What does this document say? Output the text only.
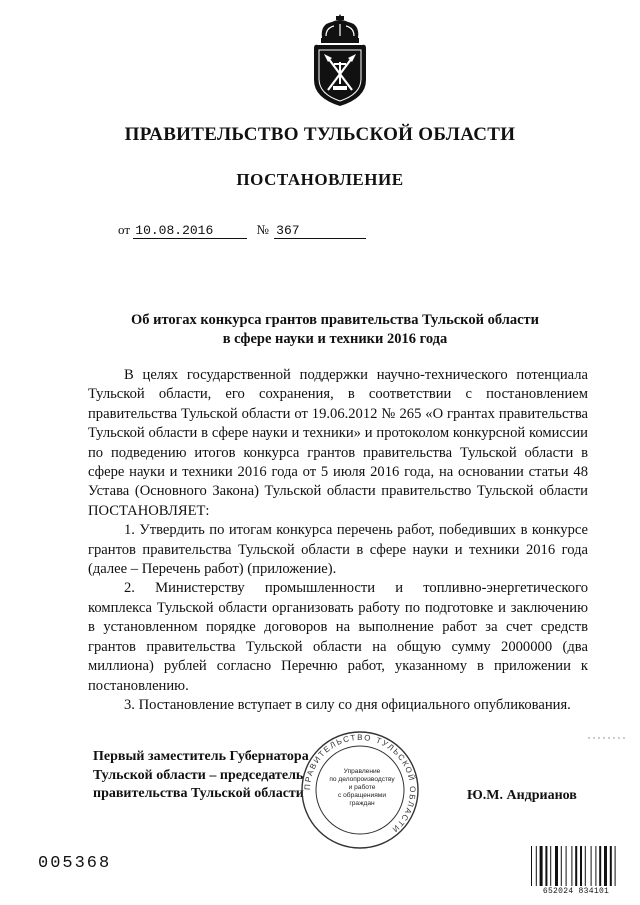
ПРАВИТЕЛЬСТВО ТУЛЬСКОЙ ОБЛАСТИ
ПОСТАНОВЛЕНИЕ
от 10.08.2016	№ 367
Об итогах конкурса грантов правительства Тульской области
в сфере науки и техники 2016 года

В целях государственной поддержки научно-технического потенциала Тульской области, его сохранения, в соответствии с постановлением правительства Тульской области от 19.06.2012 № 265 «О грантах правительства Тульской области в сфере науки и техники» и протоколом конкурсной комиссии по подведению итогов конкурса грантов правительства Тульской области в сфере науки и техники 2016 года от 5 июля 2016 года, на основании статьи 48 Устава (Основного Закона) Тульской области правительство Тульской области ПОСТАНОВЛЯЕТ:

1. Утвердить по итогам конкурса перечень работ, победивших в конкурсе грантов правительства Тульской области в сфере науки и техники 2016 года (далее – Перечень работ) (приложение).

2. Министерству промышленности и топливно-энергетического комплекса Тульской области организовать работу по подготовке и заключению в установленном порядке договоров на выполнение работ за счет средств грантов правительства Тульской области на общую сумму 2000000 (два миллиона) рублей согласно Перечню работ, указанному в приложении к постановлению.

3. Постановление вступает в силу со дня официального опубликования.

Первый заместитель Губернатора
Тульской области – председатель
правительства Тульской области ПРАВИТЕЛЬСТВО ТУЛЬСКОЙ ОБЛАСТИ
Управление
по делопроизводству
и работе
с обращениями
граждан
Ю.М. Андрианов
005368
652024 834101
